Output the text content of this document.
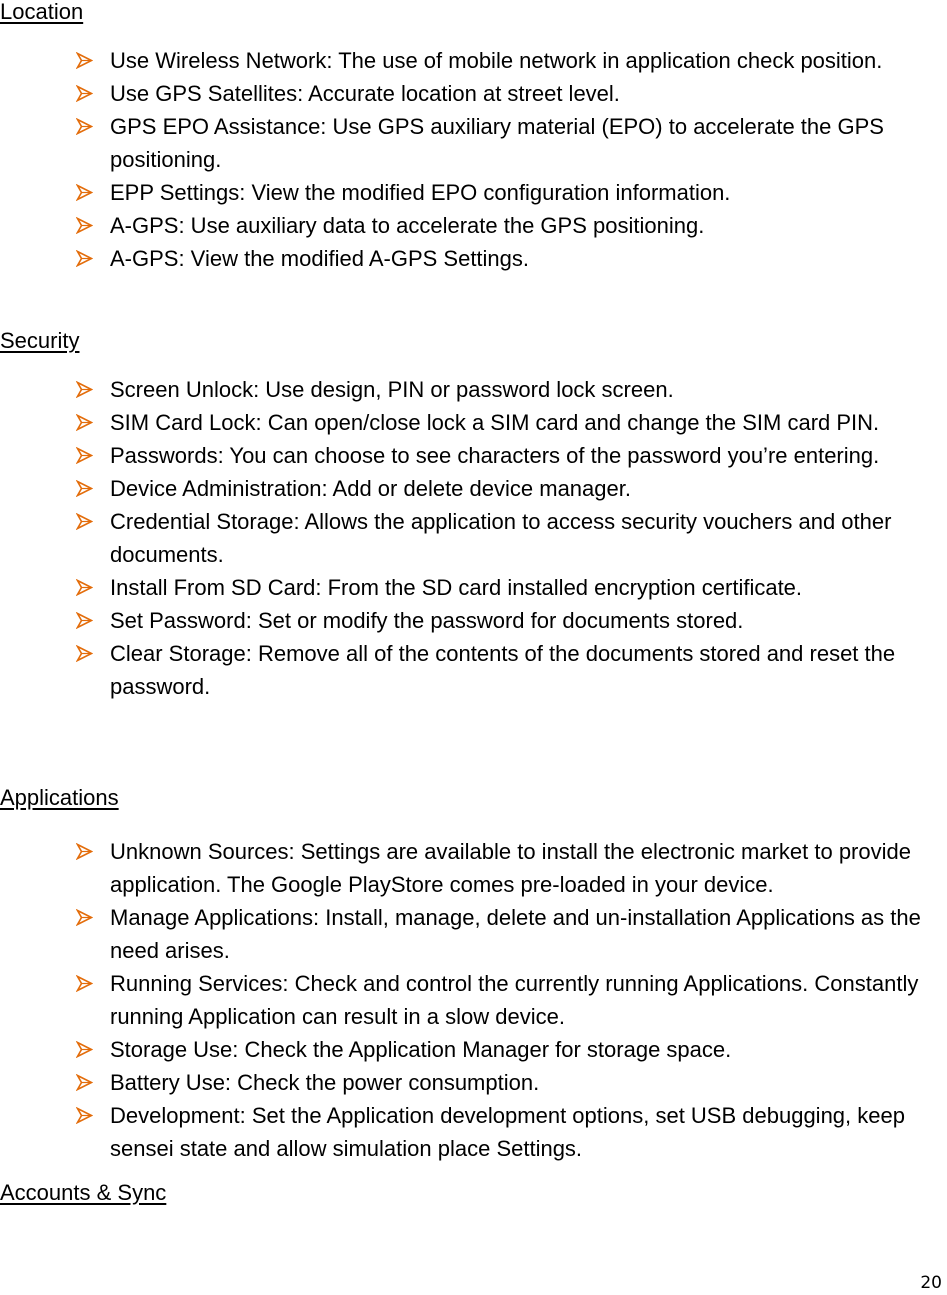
Location
Use Wireless Network: The use of mobile network in application check position.
Use GPS Satellites: Accurate location at street level.
GPS EPO Assistance: Use GPS auxiliary material (EPO) to accelerate the GPS positioning.
EPP Settings: View the modified EPO configuration information.
A-GPS: Use auxiliary data to accelerate the GPS positioning.
A-GPS: View the modified A-GPS Settings.
Security
Screen Unlock: Use design, PIN or password lock screen.
SIM Card Lock: Can open/close lock a SIM card and change the SIM card PIN.
Passwords: You can choose to see characters of the password you’re entering.
Device Administration: Add or delete device manager.
Credential Storage: Allows the application to access security vouchers and other documents.
Install From SD Card: From the SD card installed encryption certificate.
Set Password: Set or modify the password for documents stored.
Clear Storage: Remove all of the contents of the documents stored and reset the password.
Applications
Unknown Sources: Settings are available to install the electronic market to provide application. The Google PlayStore comes pre-loaded in your device.
Manage Applications: Install, manage, delete and un-installation Applications as the need arises.
Running Services: Check and control the currently running Applications. Constantly running Application can result in a slow device.
Storage Use: Check the Application Manager for storage space.
Battery Use: Check the power consumption.
Development: Set the Application development options, set USB debugging, keep sensei state and allow simulation place Settings.
Accounts & Sync
20
